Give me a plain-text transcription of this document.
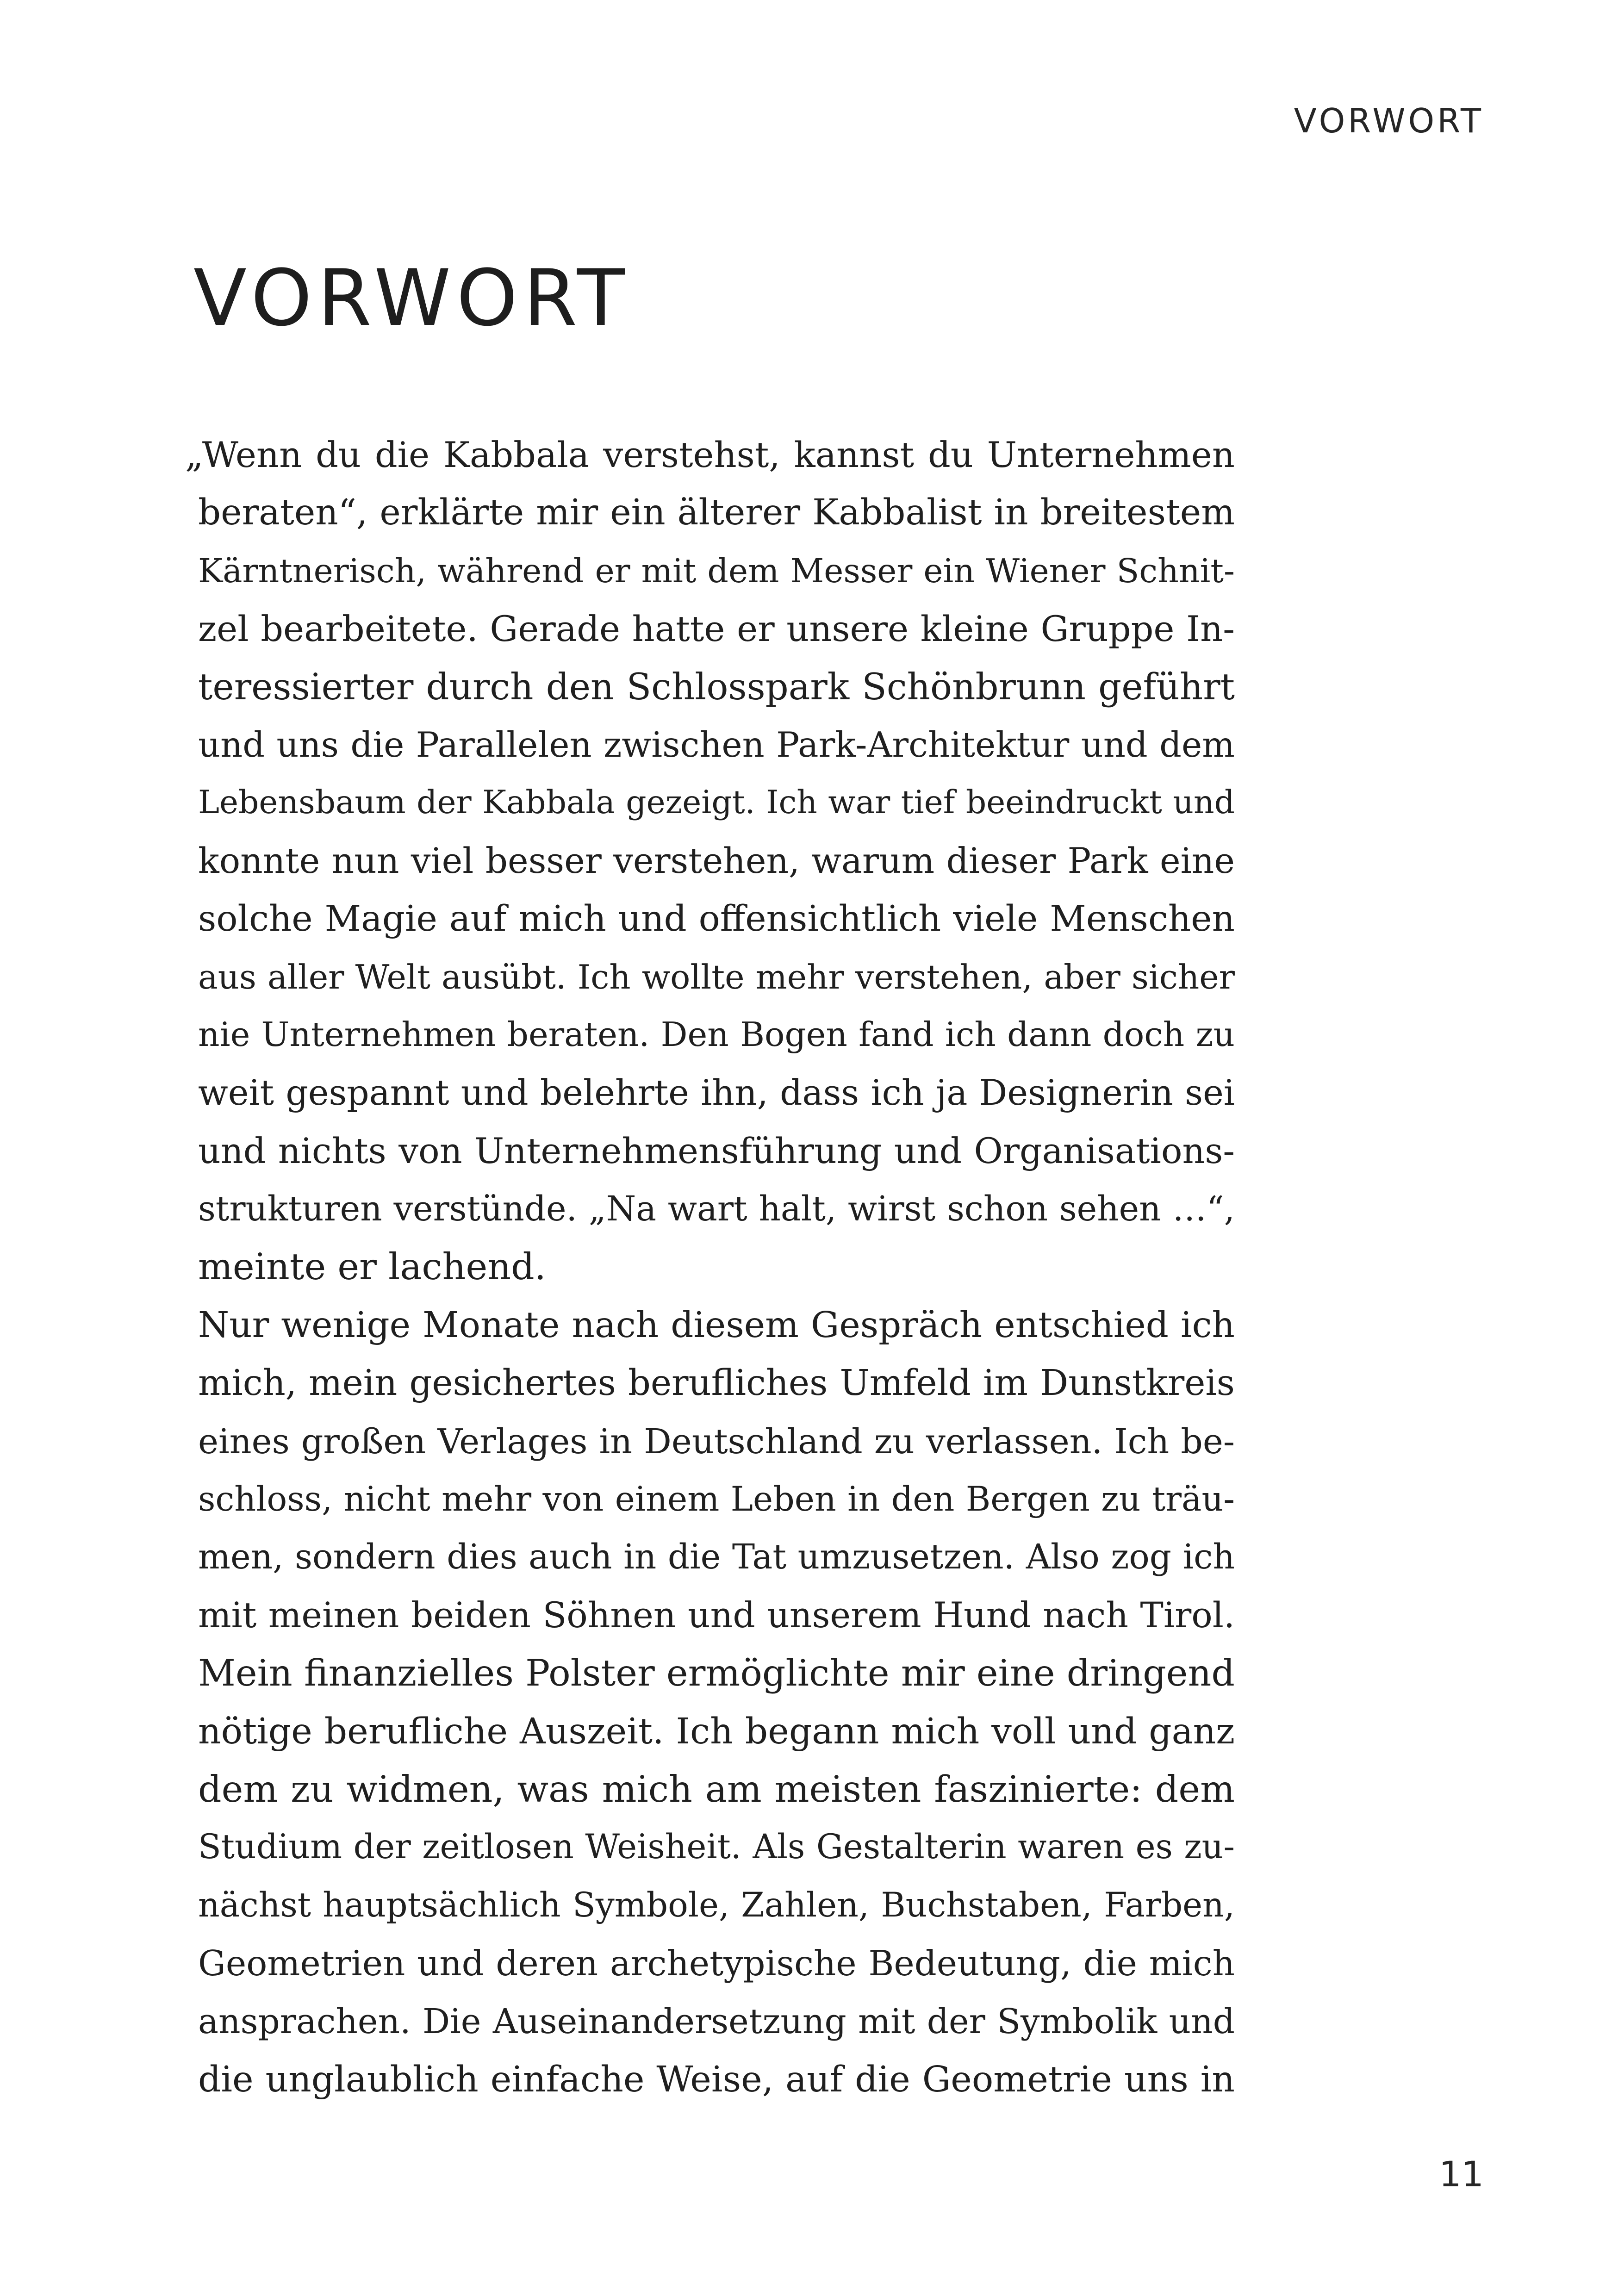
VORWORT
VORWORT
„Wenn du die Kabbala verstehst, kannst du Unternehmen
beraten“, erklärte mir ein älterer Kabbalist in breitestem
Kärntnerisch, während er mit dem Messer ein Wiener Schnit-
zel bearbeitete. Gerade hatte er unsere kleine Gruppe In-
teressierter durch den Schlosspark Schönbrunn geführt
und uns die Parallelen zwischen Park-Architektur und dem
Lebensbaum der Kabbala gezeigt. Ich war tief beeindruckt und
konnte nun viel besser verstehen, warum dieser Park eine
solche Magie auf mich und offensichtlich viele Menschen
aus aller Welt ausübt. Ich wollte mehr verstehen, aber sicher
nie Unternehmen beraten. Den Bogen fand ich dann doch zu
weit gespannt und belehrte ihn, dass ich ja Designerin sei
und nichts von Unternehmensführung und Organisations-
strukturen verstünde. „Na wart halt, wirst schon sehen …“,
meinte er lachend.
Nur wenige Monate nach diesem Gespräch entschied ich
mich, mein gesichertes berufliches Umfeld im Dunstkreis
eines großen Verlages in Deutschland zu verlassen. Ich be-
schloss, nicht mehr von einem Leben in den Bergen zu träu-
men, sondern dies auch in die Tat umzusetzen. Also zog ich
mit meinen beiden Söhnen und unserem Hund nach Tirol.
Mein finanzielles Polster ermöglichte mir eine dringend
nötige berufliche Auszeit. Ich begann mich voll und ganz
dem zu widmen, was mich am meisten faszinierte: dem
Studium der zeitlosen Weisheit. Als Gestalterin waren es zu-
nächst hauptsächlich Symbole, Zahlen, Buchstaben, Farben,
Geometrien und deren archetypische Bedeutung, die mich
ansprachen. Die Auseinandersetzung mit der Symbolik und
die unglaublich einfache Weise, auf die Geometrie uns in
11
